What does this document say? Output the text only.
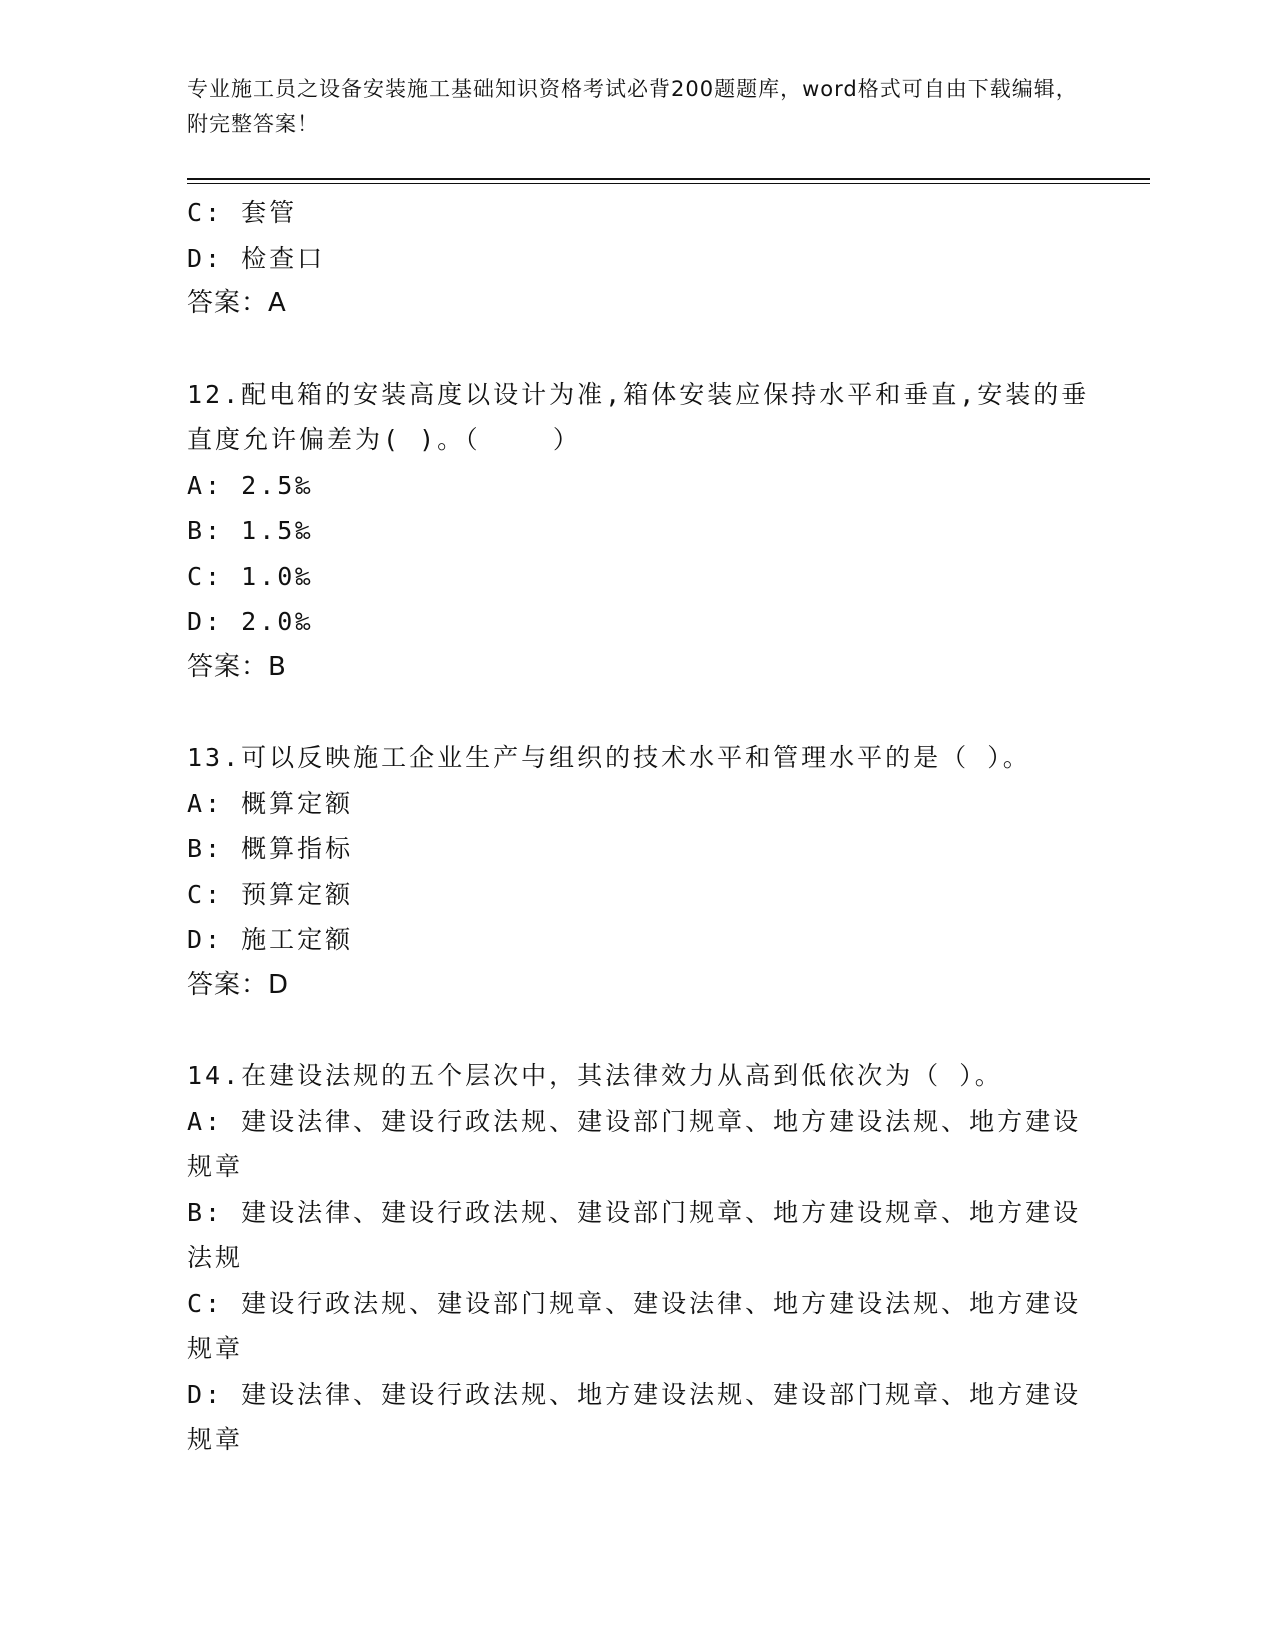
专业施工员之设备安装施工基础知识资格考试必背200题题库，word格式可自由下载编辑，附完整答案！
C: 套管
D: 检查口
答案：A
12.配电箱的安装高度以设计为准,箱体安装应保持水平和垂直,安装的垂直度允许偏差为( )。（    ）
A: 2.5‰
B: 1.5‰
C: 1.0‰
D: 2.0‰
答案：B
13.可以反映施工企业生产与组织的技术水平和管理水平的是（ ）。
A: 概算定额
B: 概算指标
C: 预算定额
D: 施工定额
答案：D
14.在建设法规的五个层次中，其法律效力从高到低依次为（ ）。
A: 建设法律、建设行政法规、建设部门规章、地方建设法规、地方建设规章
B: 建设法律、建设行政法规、建设部门规章、地方建设规章、地方建设法规
C: 建设行政法规、建设部门规章、建设法律、地方建设法规、地方建设规章
D: 建设法律、建设行政法规、地方建设法规、建设部门规章、地方建设规章
